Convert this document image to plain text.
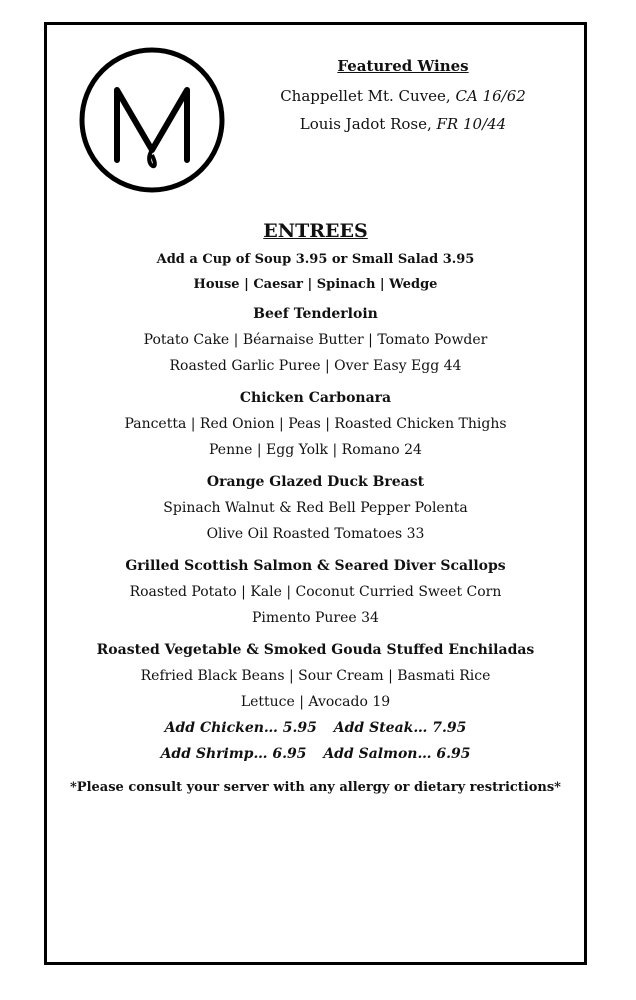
Featured Wines
Chappellet Mt. Cuvee, CA 16/62
Louis Jadot Rose, FR 10/44
ENTREES
Add a Cup of Soup 3.95 or Small Salad 3.95
House | Caesar | Spinach | Wedge
Beef Tenderloin
Potato Cake | Béarnaise Butter | Tomato Powder
Roasted Garlic Puree | Over Easy Egg 44
Chicken Carbonara
Pancetta | Red Onion | Peas | Roasted Chicken Thighs
Penne | Egg Yolk | Romano 24
Orange Glazed Duck Breast
Spinach Walnut & Red Bell Pepper Polenta
Olive Oil Roasted Tomatoes 33
Grilled Scottish Salmon & Seared Diver Scallops
Roasted Potato | Kale | Coconut Curried Sweet Corn
Pimento Puree 34
Roasted Vegetable & Smoked Gouda Stuffed Enchiladas
Refried Black Beans | Sour Cream | Basmati Rice
Lettuce | Avocado 19
Add Chicken… 5.95 Add Steak… 7.95
Add Shrimp… 6.95 Add Salmon… 6.95
*Please consult your server with any allergy or dietary restrictions*
